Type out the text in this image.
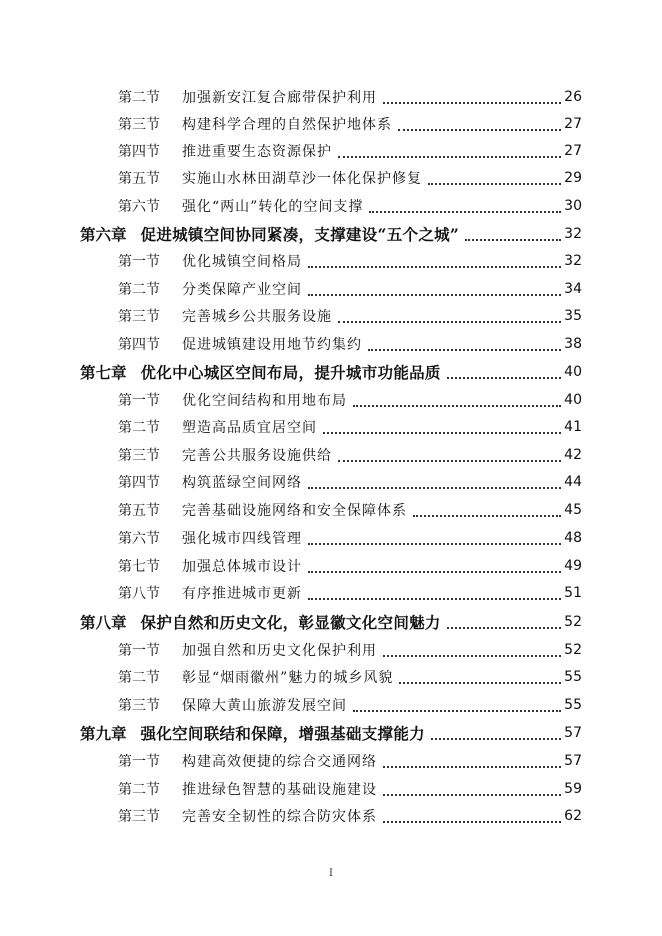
第二节 加强新安江复合廊带保护利用	26
第三节 构建科学合理的自然保护地体系	27
第四节 推进重要生态资源保护	27
第五节 实施山水林田湖草沙一体化保护修复	29
第六节 强化“两山”转化的空间支撑	30
第六章 促进城镇空间协同紧凑，支撑建设“五个之城”	32
第一节 优化城镇空间格局	32
第二节 分类保障产业空间	34
第三节 完善城乡公共服务设施	35
第四节 促进城镇建设用地节约集约	38
第七章 优化中心城区空间布局，提升城市功能品质	40
第一节 优化空间结构和用地布局	40
第二节 塑造高品质宜居空间	41
第三节 完善公共服务设施供给	42
第四节 构筑蓝绿空间网络	44
第五节 完善基础设施网络和安全保障体系	45
第六节 强化城市四线管理	48
第七节 加强总体城市设计	49
第八节 有序推进城市更新	51
第八章 保护自然和历史文化，彰显徽文化空间魅力	52
第一节 加强自然和历史文化保护利用	52
第二节 彰显“烟雨徽州”魅力的城乡风貌	55
第三节 保障大黄山旅游发展空间	55
第九章 强化空间联结和保障，增强基础支撑能力	57
第一节 构建高效便捷的综合交通网络	57
第二节 推进绿色智慧的基础设施建设	59
第三节 完善安全韧性的综合防灾体系	62
I
